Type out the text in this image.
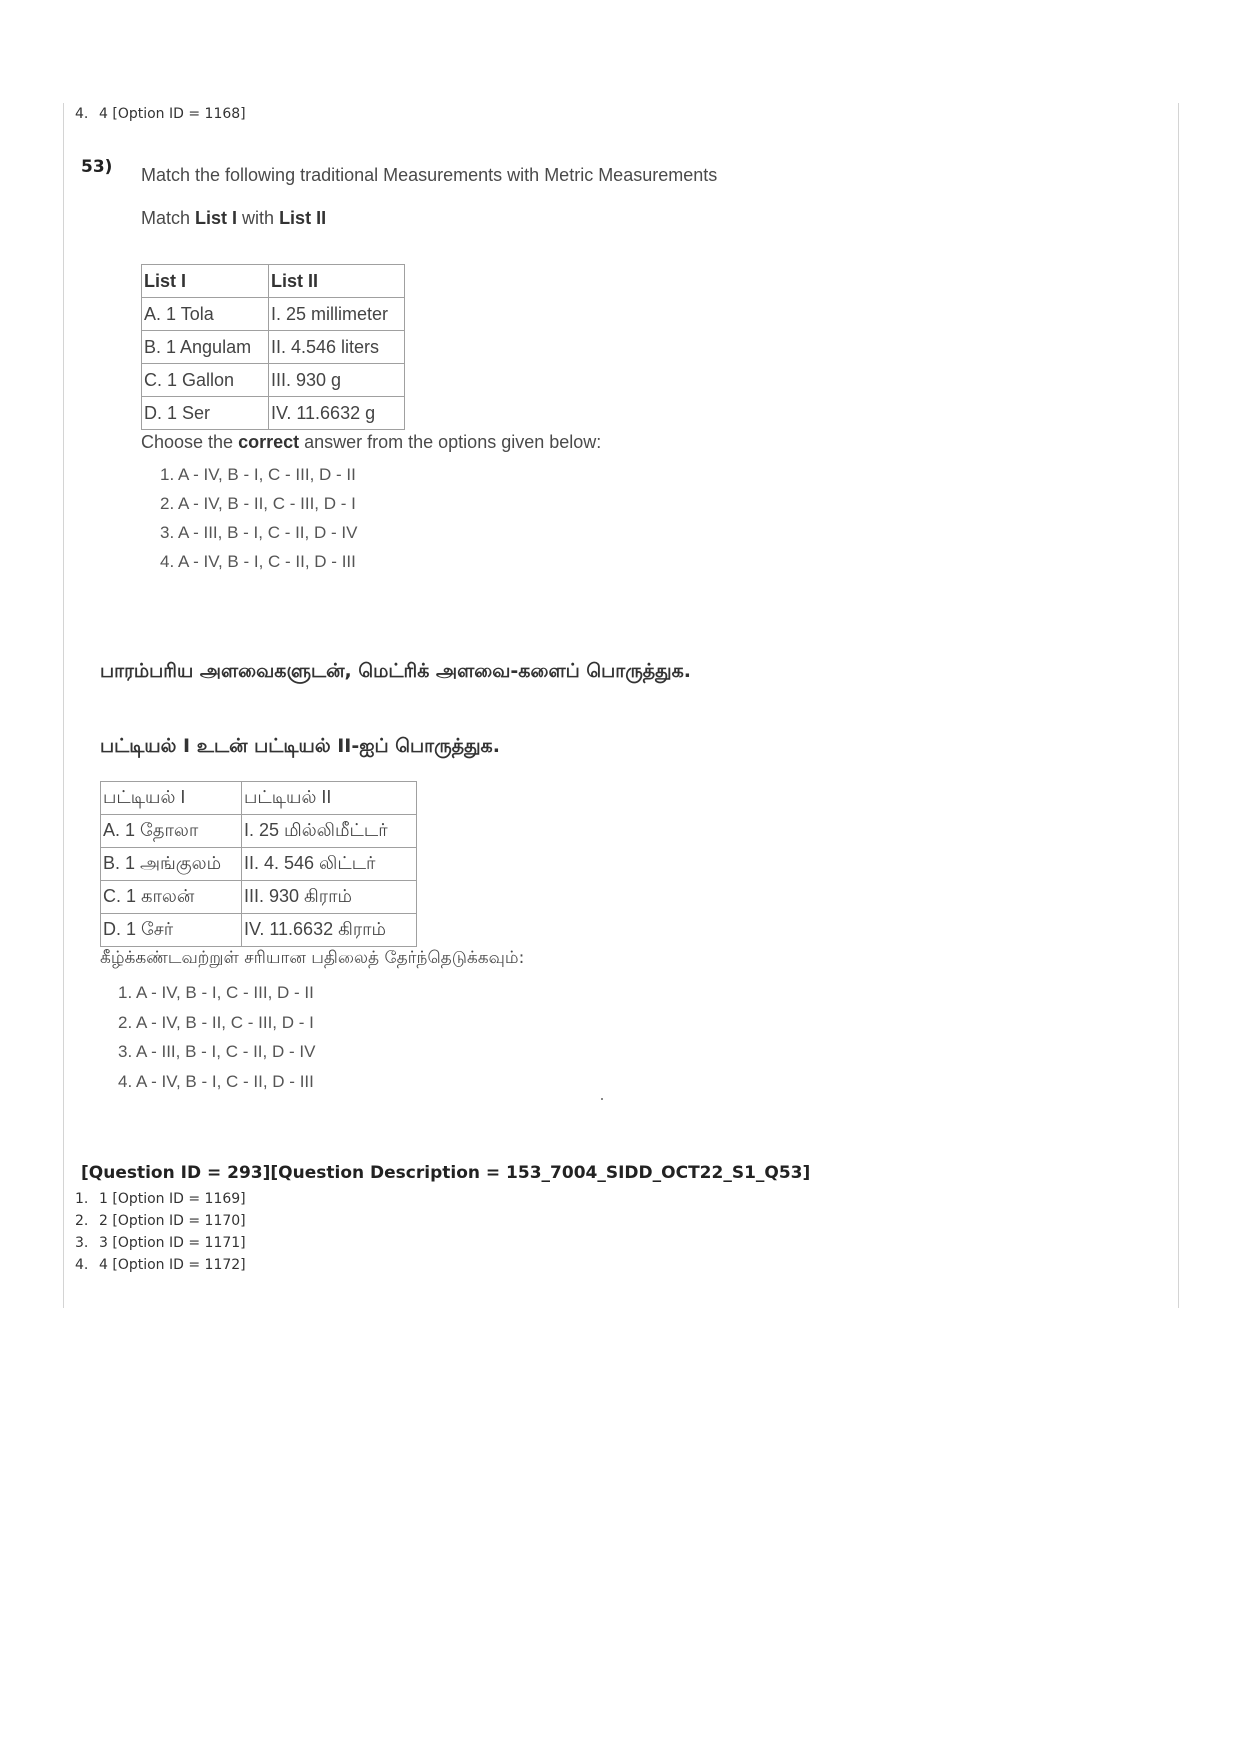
4. 4 [Option ID = 1168]
53) Match the following traditional Measurements with Metric Measurements

Match List I with List II

List I	List II
A. 1 Tola	I. 25 millimeter
B. 1 Angulam	II. 4.546 liters
C. 1 Gallon	III. 930 g
D. 1 Ser	IV. 11.6632 g
Choose the correct answer from the options given below:
1. A - IV, B - I, C - III, D - II
2. A - IV, B - II, C - III, D - I
3. A - III, B - I, C - II, D - IV
4. A - IV, B - I, C - II, D - III

பாரம்பரிய அளவைகளுடன், மெட்ரிக் அளவை-களைப் பொருத்துக.

பட்டியல் I உடன் பட்டியல் II-ஐப் பொருத்துக.

பட்டியல் I	பட்டியல் II
A. 1 தோலா	I. 25 மில்லிமீட்டர்
B. 1 அங்குலம்	II. 4. 546 லிட்டர்
C. 1 காலன்	III. 930 கிராம்
D. 1 சேர்	IV. 11.6632 கிராம்
கீழ்க்கண்டவற்றுள் சரியான பதிலைத் தேர்ந்தெடுக்கவும்:
1. A - IV, B - I, C - III, D - II
2. A - IV, B - II, C - III, D - I
3. A - III, B - I, C - II, D - IV
4. A - IV, B - I, C - II, D - III
[Question ID = 293][Question Description = 153_7004_SIDD_OCT22_S1_Q53]
1. 1 [Option ID = 1169]
2. 2 [Option ID = 1170]
3. 3 [Option ID = 1171]
4. 4 [Option ID = 1172]
